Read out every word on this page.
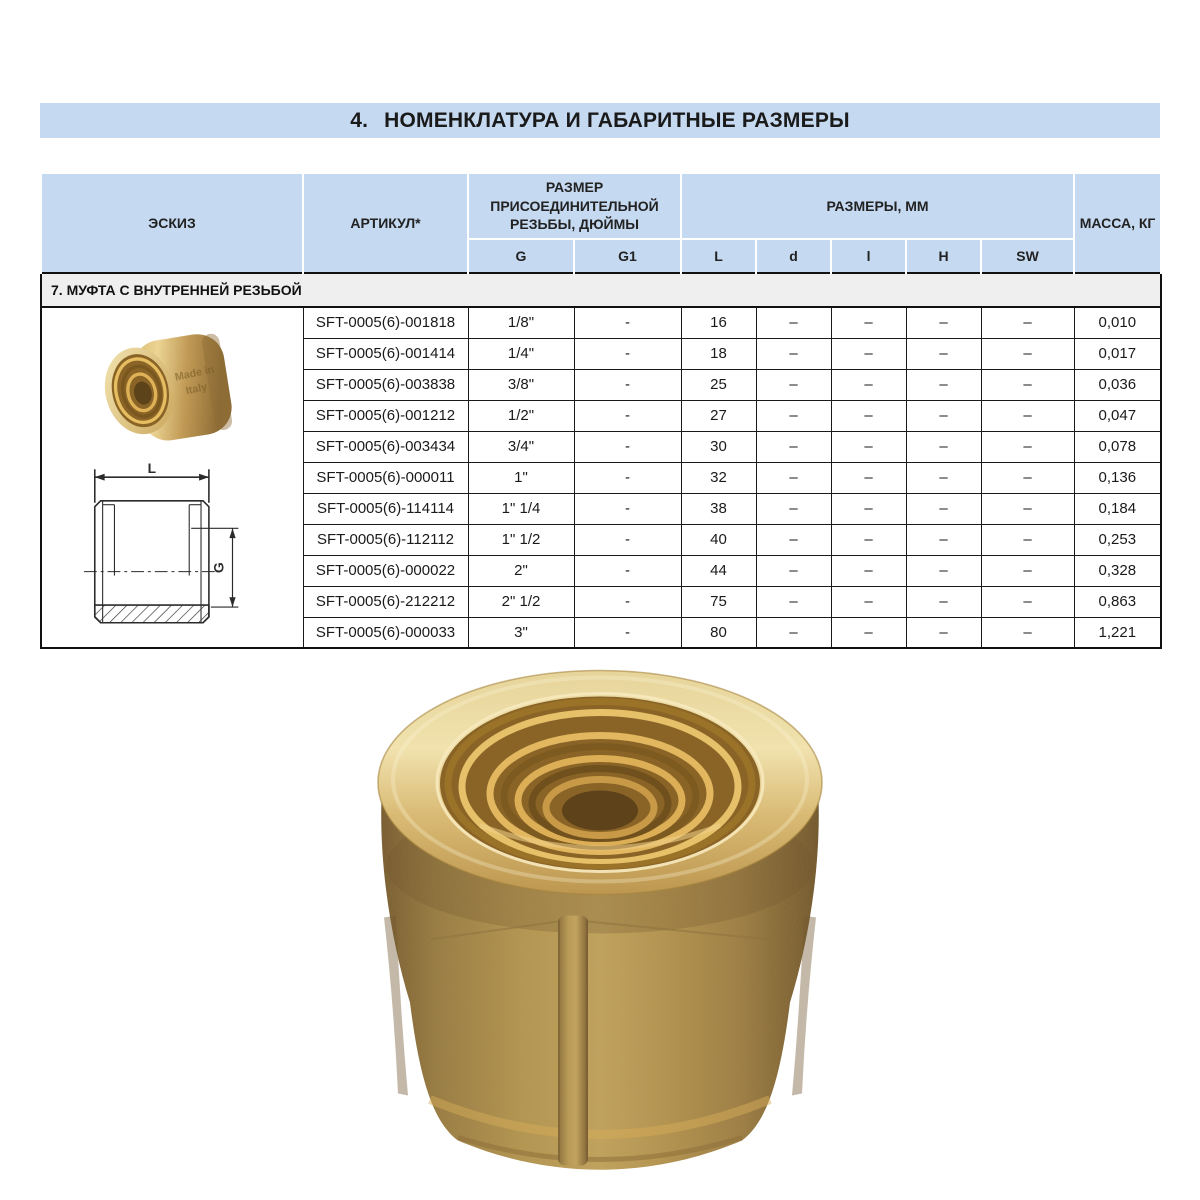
4. НОМЕНКЛАТУРА И ГАБАРИТНЫЕ РАЗМЕРЫ
ЭСКИЗ	АРТИКУЛ*	РАЗМЕР ПРИСОЕДИНИТЕЛЬНОЙ РЕЗЬБЫ, ДЮЙМЫ		РАЗМЕРЫ, ММ					МАССА, КГ
		G	G1	L	d	l	H	SW	
7. МУФТА С ВНУТРЕННЕЙ РЕЗЬБОЙ									

Made in
Italy
L
G	SFT-0005(6)-001818	1/8"	-	16	–	–	–	–	0,010
	SFT-0005(6)-001414	1/4"	-	18	–	–	–	–	0,017
	SFT-0005(6)-003838	3/8"	-	25	–	–	–	–	0,036
	SFT-0005(6)-001212	1/2"	-	27	–	–	–	–	0,047
	SFT-0005(6)-003434	3/4"	-	30	–	–	–	–	0,078
	SFT-0005(6)-000011	1"	-	32	–	–	–	–	0,136
	SFT-0005(6)-114114	1" 1/4	-	38	–	–	–	–	0,184
	SFT-0005(6)-112112	1" 1/2	-	40	–	–	–	–	0,253
	SFT-0005(6)-000022	2"	-	44	–	–	–	–	0,328
	SFT-0005(6)-212212	2" 1/2	-	75	–	–	–	–	0,863
	SFT-0005(6)-000033	3"	-	80	–	–	–	–	1,221
